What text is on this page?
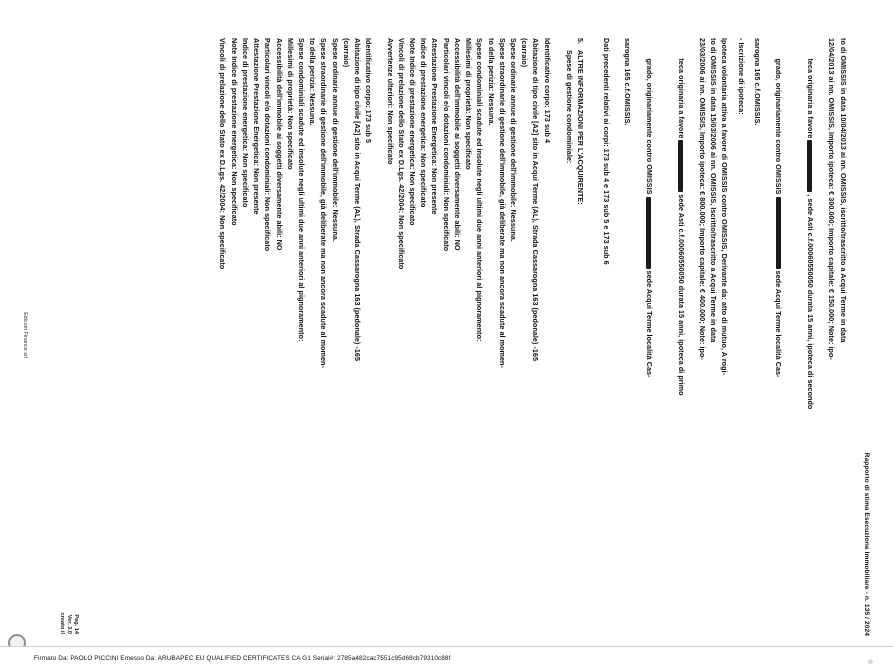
Rapporto di stima Esecuzione Immobiliare - n. 135 / 2024
to di OMISSIS in data 10/04/2013 ai nn. OMISSIS, iscritto/trascritto a Acqui Terme in data
12/04/2013 ai nn. OMISSIS, Importo ipoteca: € 300.000; Importo capitale: € 150.000; Note: ipo-

teca originaria a favore, sede Asti c.f.00060550050 durata 15 anni, ipoteca di secondo

grado, originariamente contro OMISSISsede Acqui Terme località Cas-

sarogna 165 c.f.OMISSIS.
- Iscrizione di ipoteca:
Ipoteca volontaria attiva a favore di OMISSIS contro OMISSIS, Derivante da: atto di mutuo, A rogi-
to di OMISSIS in data 15/03/2006 ai nn. OMISSIS, Iscritto/trascritto a Acqui Terme in data
23/03/2006 ai nn. OMISSIS, Importo ipoteca: € 800.000; Importo capitale: € 400.000; Note: ipo-

teca originaria a favoresede Asti c.f.00060550050 durata 15 anni, ipoteca di primo

grado, originariamente contro OMISSISsede Acqui Terme località Cas-

sarogna 165 c.f.OMISSIS.
Dati precedenti relativi ai corpi: 173 sub 4 e 173 sub 5 e 173 sub 6
5.
ALTRE INFORMAZIONI PER L'ACQUIRENTE:
Spese di gestione condominiale:
Identificativo corpo: 173 sub 4
Abitazione di tipo civile [A2] sito in Acqui Terme (AL), Strada Cassarogna 163 (pedonale) -165
(carraio)
Spese ordinarie annue di gestione dell'immobile: Nessuna.
Spese straordinarie di gestione dell'immobile, già deliberate ma non ancora scadute al momen-
to della perizia: Nessuna.
Spese condominiali scadute ed insolute negli ultimi due anni anteriori al pignoramento:
Millesimi di proprietà: Non specificato
Accessibilità dell'immobile ai soggetti diversamente abili: NO
Particolari vincoli e/o dotazioni condominiali: Non specificato
Attestazione Prestazione Energetica: Non presente
Indice di prestazione energetica: Non specificato
Note Indice di prestazione energetica: Non specificato
Vincoli di prelazione dello Stato ex D.Lgs. 42/2004: Non specificato
Avvertenze ulteriori: Non specificato
Identificativo corpo: 173 sub 5
Abitazione di tipo civile [A2] sito in Acqui Terme (AL), Strada Cassarogna 163 (pedonale) -165
(carraio)
Spese ordinarie annue di gestione dell'immobile: Nessuna.
Spese straordinarie di gestione dell'immobile, già deliberate ma non ancora scadute al momen-
to della perizia: Nessuna.
Spese condominiali scadute ed insolute negli ultimi due anni anteriori al pignoramento:
Millesimi di proprietà: Non specificato
Accessibilità dell'immobile ai soggetti diversamente abili: NO
Particolari vincoli e/o dotazioni condominiali: Non specificato
Attestazione Prestazione Energetica: Non presente
Indice di prestazione energetica: Non specificato
Note Indice di prestazione energetica: Non specificato
Vincoli di prelazione dello Stato ex D.Lgs. 42/2004: Non specificato
Pag. 14
Ver. 3.0
creato il
Edicom Finance srl
Firmato Da: PAOLO PICCINI Emesso Da: ARUBAPEC EU QUALIFIED CERTIFICATES CA G1 Serial#: 2785a482cac7551c95d68cb79310c88f
